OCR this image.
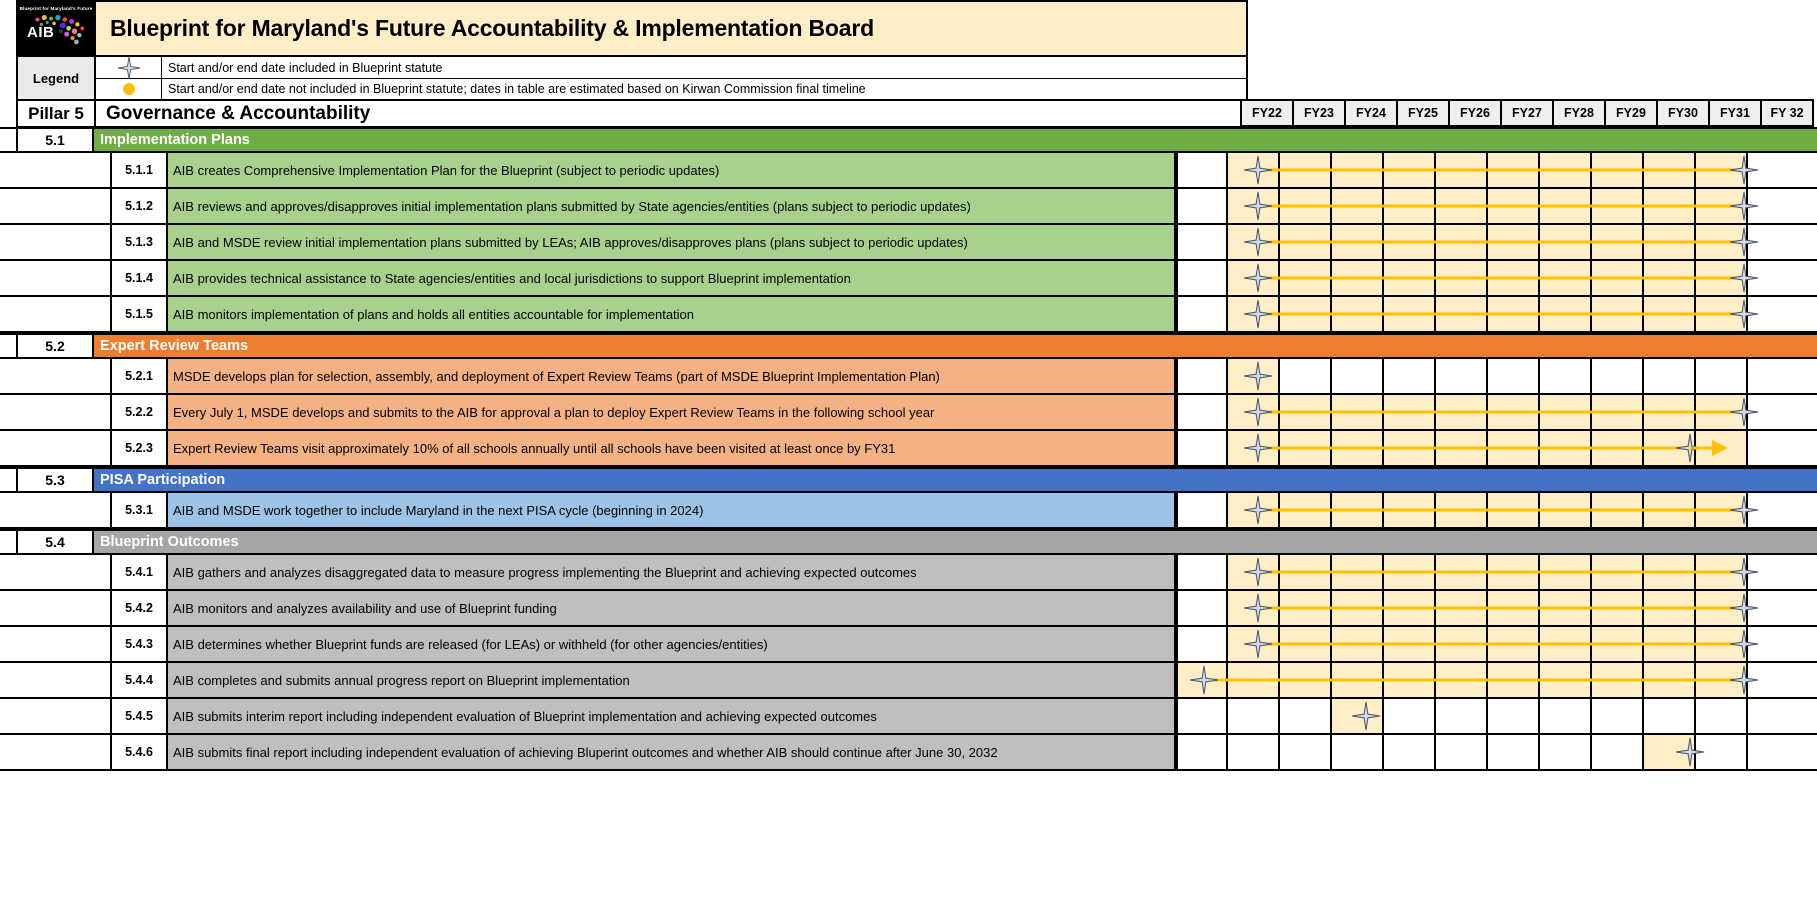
Blueprint for Maryland's Future
AIB	Blueprint for Maryland's Future Accountability & Implementation Board
Legend
Start and/or end date included in Blueprint statute
Start and/or end date not included in Blueprint statute; dates in table are estimated based on Kirwan Commission final timeline
Pillar 5	Governance & Accountability	FY22	FY23	FY24	FY25	FY26	FY27	FY28	FY29	FY30	FY31	FY 32
5.1	Implementation Plans
5.1.1	AIB creates Comprehensive Implementation Plan for the Blueprint (subject to periodic updates)
5.1.2	AIB reviews and approves/disapproves initial implementation plans submitted by State agencies/entities (plans subject to periodic updates)
5.1.3	AIB and MSDE review initial implementation plans submitted by LEAs; AIB approves/disapproves plans (plans subject to periodic updates)
5.1.4	AIB provides technical assistance to State agencies/entities and local jurisdictions to support Blueprint implementation
5.1.5	AIB monitors implementation of plans and holds all entities accountable for implementation
5.2	Expert Review Teams
5.2.1	MSDE develops plan for selection, assembly, and deployment of Expert Review Teams (part of MSDE Blueprint Implementation Plan)
5.2.2	Every July 1, MSDE develops and submits to the AIB for approval a plan to deploy Expert Review Teams in the following school year
5.2.3	Expert Review Teams visit approximately 10% of all schools annually until all schools have been visited at least once by FY31
5.3	PISA Participation
5.3.1	AIB and MSDE work together to include Maryland in the next PISA cycle (beginning in 2024)
5.4	Blueprint Outcomes
5.4.1	AIB gathers and analyzes disaggregated data to measure progress implementing the Blueprint and achieving expected outcomes
5.4.2	AIB monitors and analyzes availability and use of Blueprint funding
5.4.3	AIB determines whether Blueprint funds are released (for LEAs) or withheld (for other agencies/entities)
5.4.4	AIB completes and submits annual progress report on Blueprint implementation
5.4.5	AIB submits interim report including independent evaluation of Blueprint implementation and achieving expected outcomes
5.4.6	AIB submits final report including independent evaluation of achieving Bluperint outcomes and whether AIB should continue after June 30, 2032
